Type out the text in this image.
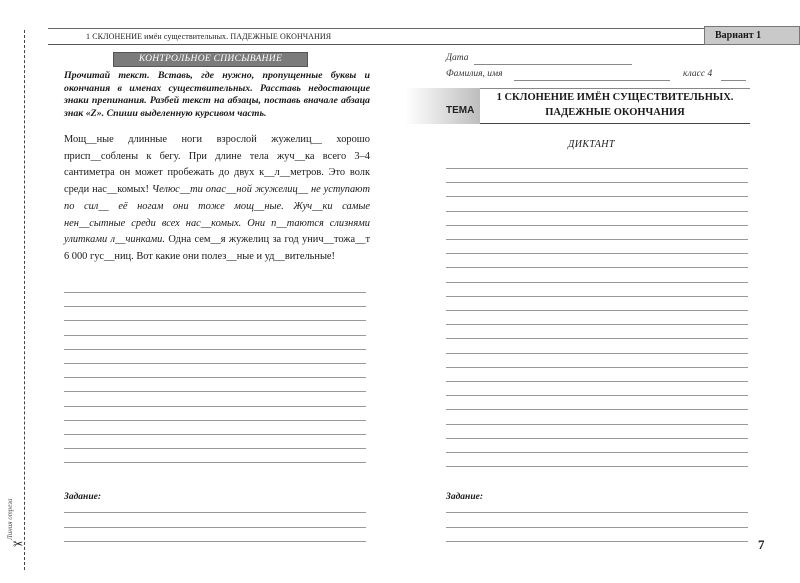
Линия отреза
✂
1 СКЛОНЕНИЕ имён существительных. ПАДЕЖНЫЕ ОКОНЧАНИЯ	Вариант 1
КОНТРОЛЬНОЕ СПИСЫВАНИЕ
Прочитай текст. Вставь, где нужно, пропущенные буквы и окончания в именах существительных. Расставь недостающие знаки препинания. Разбей текст на абзацы, поставь вначале абзаца знак «Z». Спиши выделенную курсивом часть.
Мощ__ные длинные ноги взрослой жужелиц__ хорошо присп__соблены к бегу. При длине тела жуч__ка всего 3–4 сантиметра он может пробежать до двух к__л__метров. Это волк среди нас__комых! Челюс__ти опас__ной жужелиц__ не уступают по сил__ её ногам они тоже мощ__ные. Жуч__ки самые нен__сытные среди всех нас__комых. Они п__таются слизнями улитками л__чинками. Одна сем__я жужелиц за год унич__тожа__т 6 000 гус__ниц. Вот какие они полез__ные и уд__вительные!
Задание:
Дата
Фамилия, имя	класс 4
ТЕМА
1 СКЛОНЕНИЕ ИМЁН СУЩЕСТВИТЕЛЬНЫХ.
ПАДЕЖНЫЕ ОКОНЧАНИЯ
ДИКТАНТ
Задание:
7
